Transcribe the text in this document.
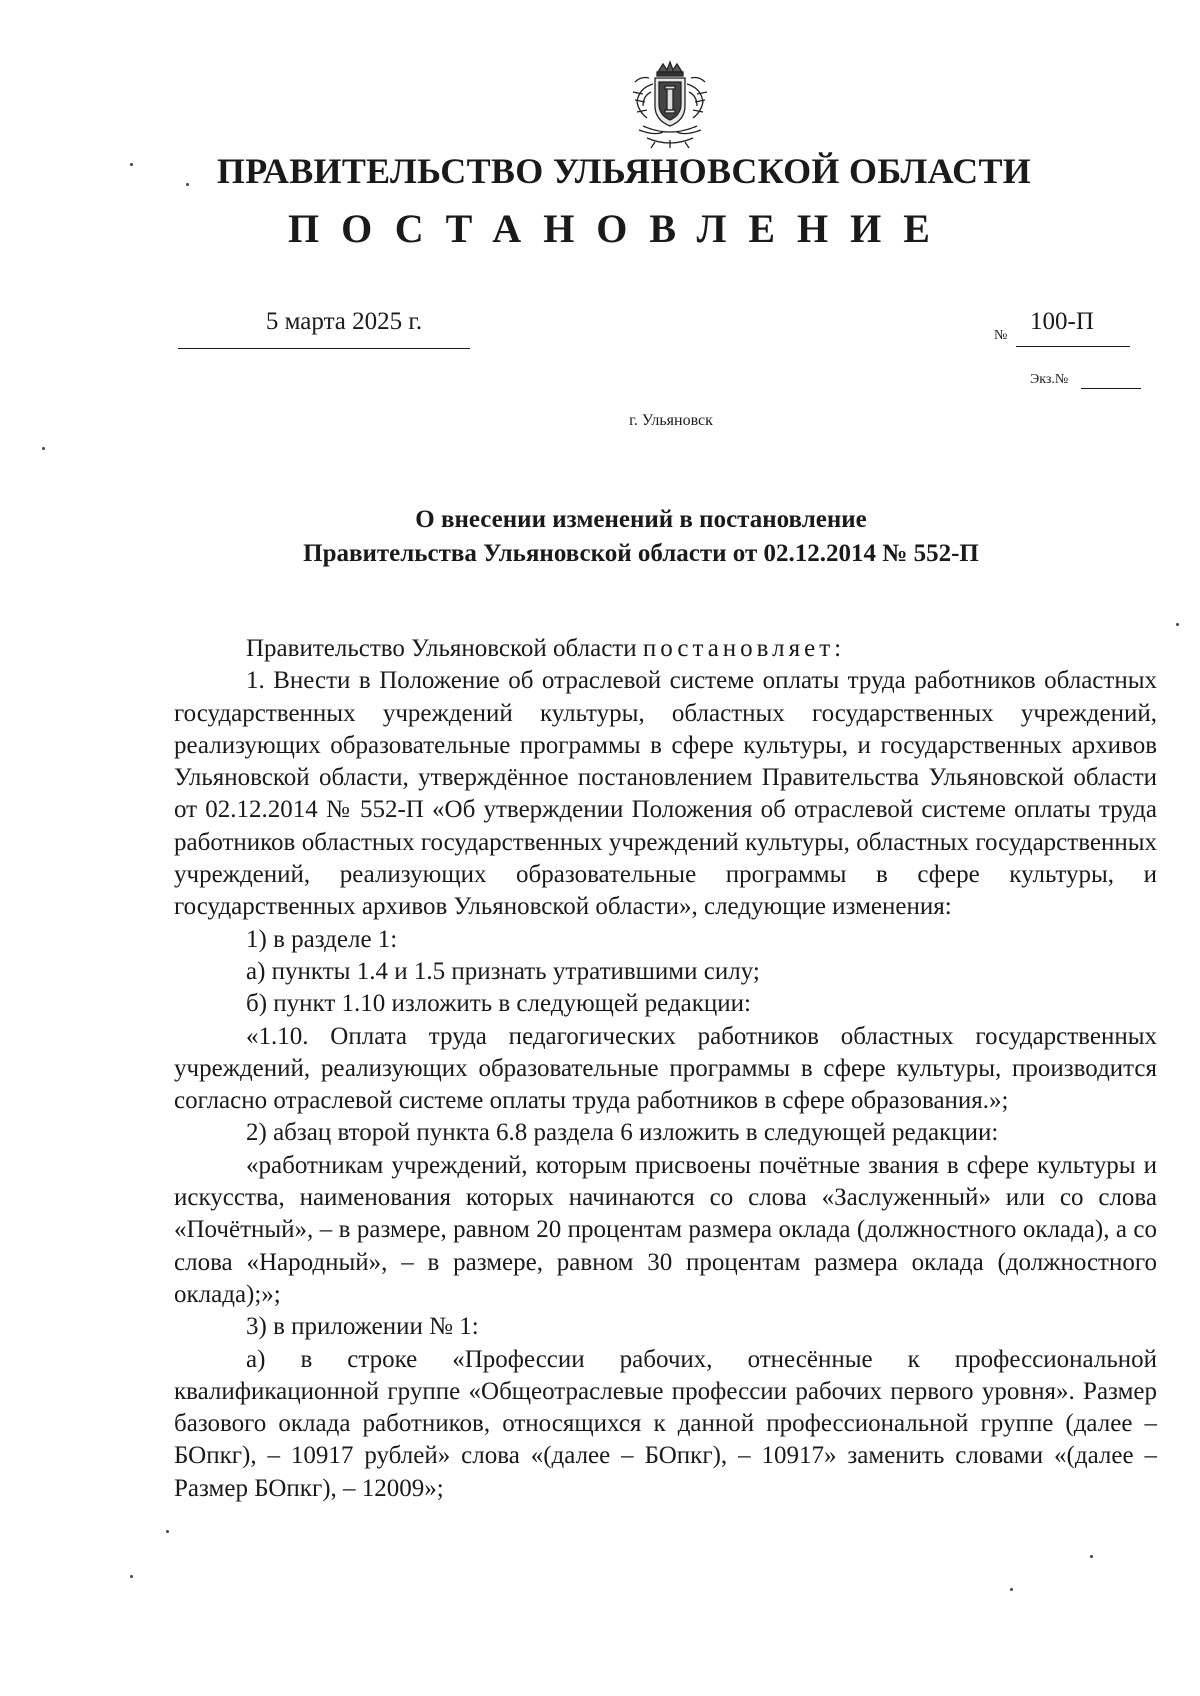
ПРАВИТЕЛЬСТВО УЛЬЯНОВСКОЙ ОБЛАСТИ
ПОСТАНОВЛЕНИЕ
5 марта 2025 г.
№
100-П
Экз.№
г. Ульяновск
О внесении изменений в постановление
Правительства Ульяновской области от 02.12.2014 № 552-П

Правительство Ульяновской области постановляет:

1. Внести в Положение об отраслевой системе оплаты труда работников областных государственных учреждений культуры, областных государственных учреждений, реализующих образовательные программы в сфере культуры, и государственных архивов Ульяновской области, утверждённое постановлением Правительства Ульяновской области от 02.12.2014 № 552-П «Об утверждении Положения об отраслевой системе оплаты труда работников областных государственных учреждений культуры, областных государственных учреждений, реализующих образовательные программы в сфере культуры, и государственных архивов Ульяновской области», следующие изменения:

1) в разделе 1:

а) пункты 1.4 и 1.5 признать утратившими силу;

б) пункт 1.10 изложить в следующей редакции:

«1.10. Оплата труда педагогических работников областных государственных учреждений, реализующих образовательные программы в сфере культуры, производится согласно отраслевой системе оплаты труда работников в сфере образования.»;

2) абзац второй пункта 6.8 раздела 6 изложить в следующей редакции:

«работникам учреждений, которым присвоены почётные звания в сфере культуры и искусства, наименования которых начинаются со слова «Заслуженный» или со слова «Почётный», – в размере, равном 20 процентам размера оклада (должностного оклада), а со слова «Народный», – в размере, равном 30 процентам размера оклада (должностного оклада);»;

3) в приложении № 1:

а) в строке «Профессии рабочих, отнесённые к профессиональной квалификационной группе «Общеотраслевые профессии рабочих первого уровня». Размер базового оклада работников, относящихся к данной профессиональной группе (далее – БОпкг), – 10917 рублей» слова «(далее – БОпкг), – 10917» заменить словами «(далее – Размер БОпкг), – 12009»;
